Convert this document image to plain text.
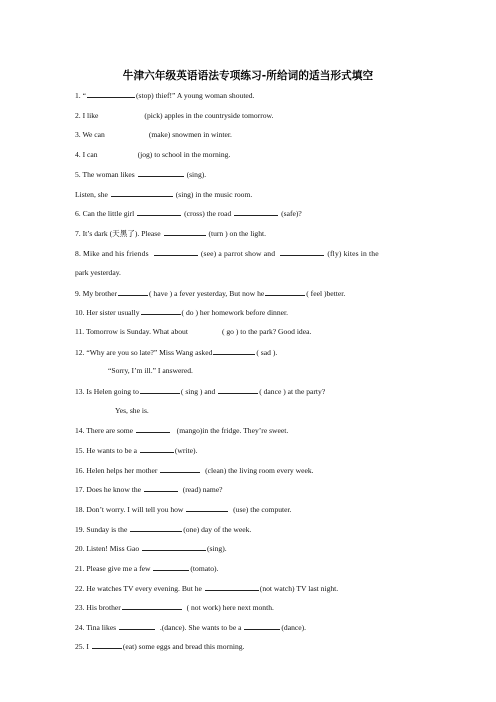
牛津六年级英语语法专项练习-所给词的适当形式填空
1. “	(stop) thief!” A young woman shouted.
2. I like	(pick) apples in the countryside tomorrow.
3. We can	(make) snowmen in winter.
4. I can	(jog) to school in the morning.
5. The woman likes	(sing).
Listen, she	(sing) in the music room.
6. Can the little girl	(cross) the road	(safe)?
7. It’s dark (天黑了). Please	(turn ) on the light.
8. Mike and his friends	(see) a parrot show and	(fly) kites in the
park yesterday.
9. My brother	( have ) a fever yesterday, But now he	( feel )better.
10. Her sister usually	( do ) her homework before dinner.
11. Tomorrow is Sunday. What about	( go ) to the park? Good idea.
12. “Why are you so late?” Miss Wang asked	( sad ).
“Sorry, I’m ill.” I answered.
13. Is Helen going to	( sing ) and	( dance ) at the party?
Yes, she is.
14. There are some	(mango)in the fridge. They’re sweet.
15. He wants to be a	(write).
16. Helen helps her mother	(clean) the living room every week.
17. Does he know the	(read) name?
18. Don’t worry. I will tell you how	(use) the computer.
19. Sunday is the	(one) day of the week.
20. Listen! Miss Gao	(sing).
21. Please give me a few	(tomato).
22. He watches TV every evening. But he	(not watch) TV last night.
23. His brother	( not work) here next month.
24. Tina likes	.(dance). She wants to be a	(dance).
25. I	(eat) some eggs and bread this morning.
